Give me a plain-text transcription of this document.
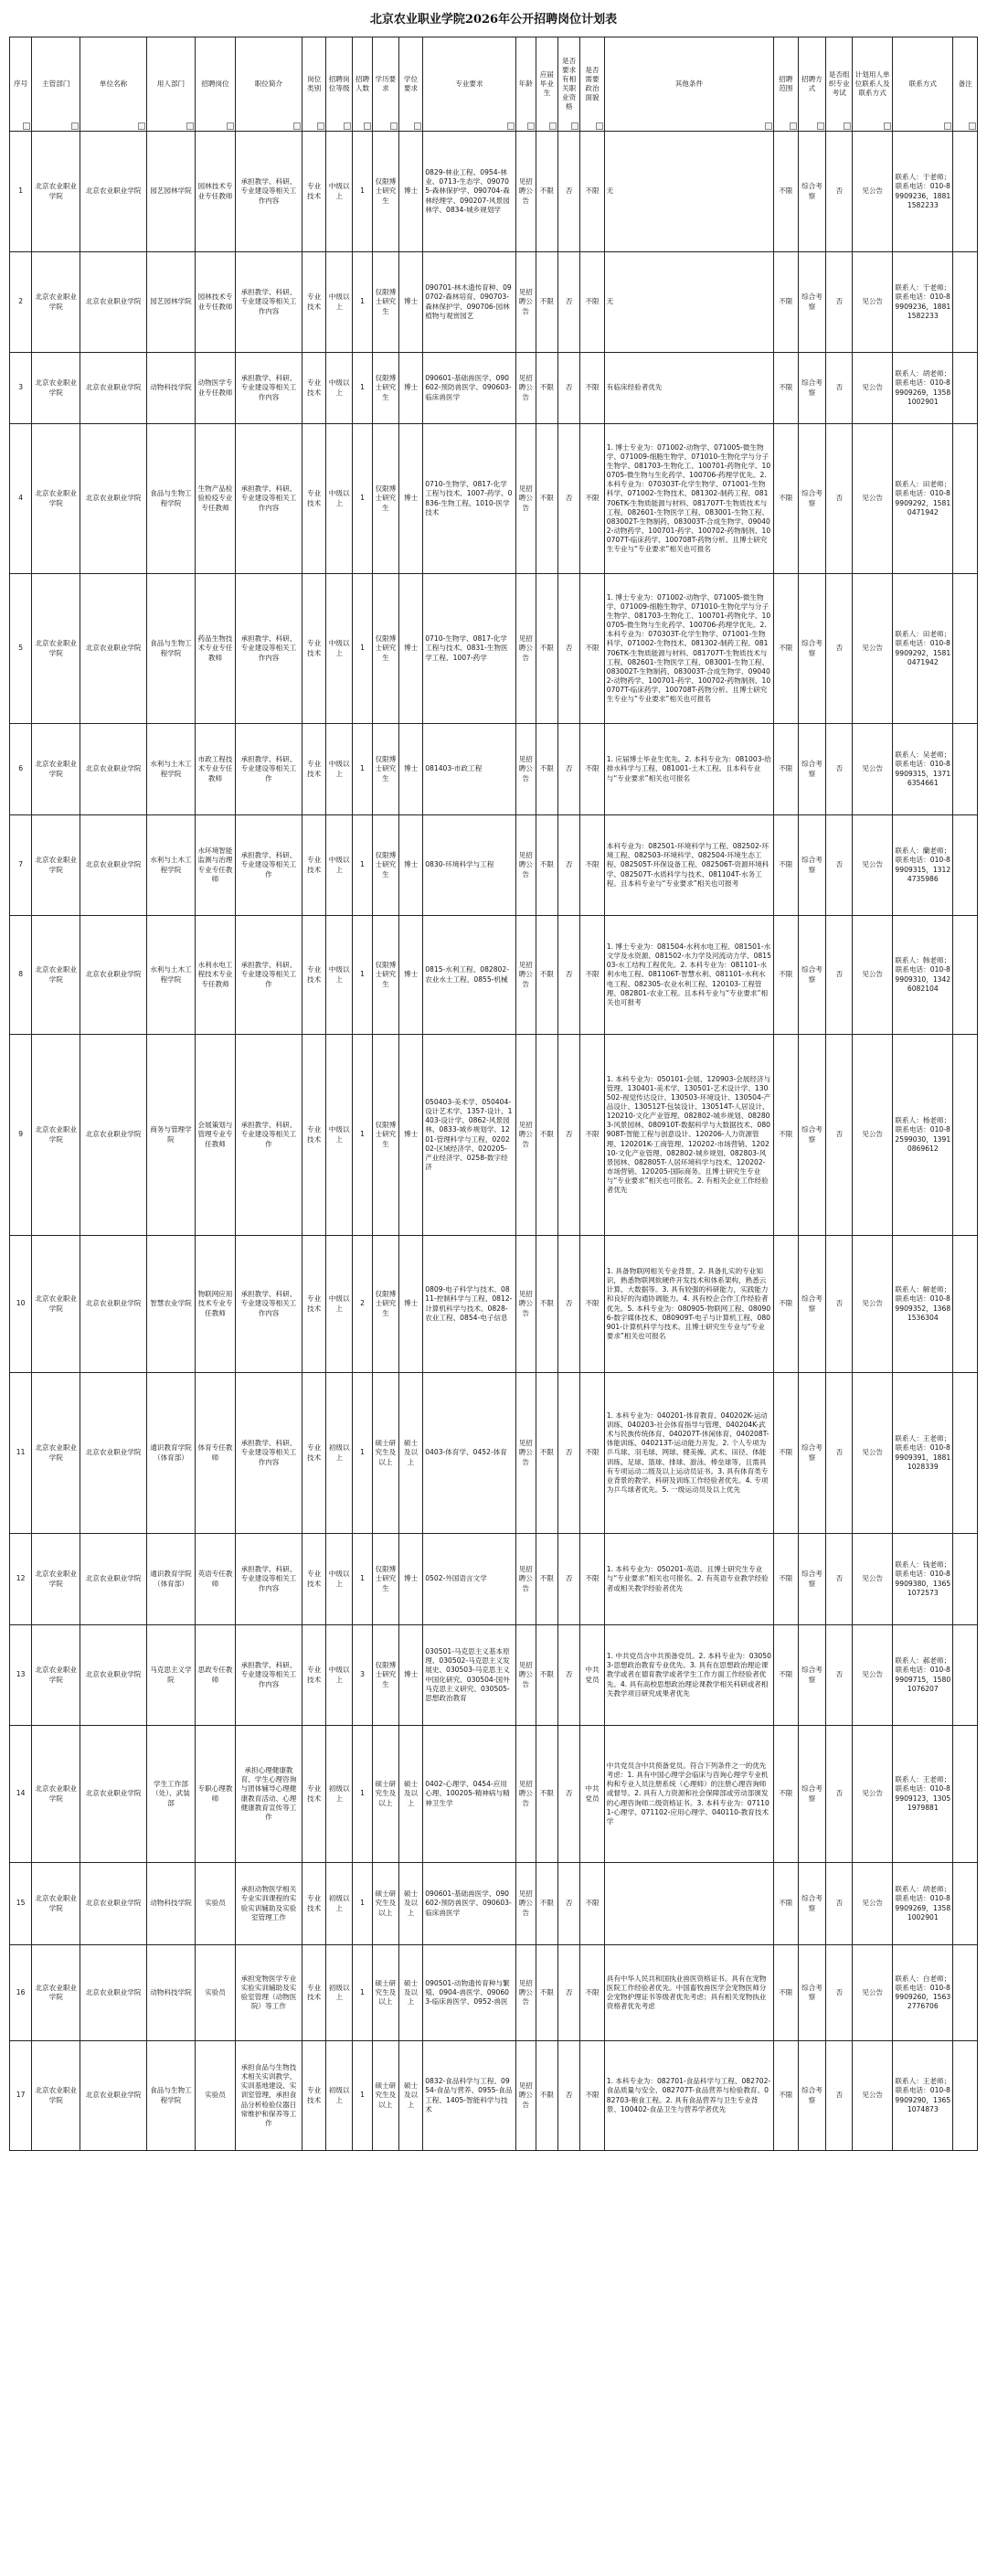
北京农业职业学院2026年公开招聘岗位计划表
序号	主管部门	单位名称	用人部门	招聘岗位	职位简介	岗位类别	招聘岗位等级	招聘人数	学历要求	学位要求	专业要求	年龄	应届毕业生	是否要求有相关职业资格	是否需要政治面貌	其他条件	招聘范围	招聘方式	是否组织专业考试	计划用人单位联系人及联系方式	联系方式	备注
1	北京农业职业学院	北京农业职业学院	园艺园林学院	园林技术专业专任教师	承担教学、科研、专业建设等相关工作内容	专业技术	中级以上	1	仅限博士研究生	博士	0829-林业工程、0954-林业、0713-生态学、090705-森林保护学、090704-森林经理学、090207-风景园林学、0834-城乡规划学	见招聘公告	不限	否	不限	无	不限	综合考察	否	见公告	联系人：于老师；联系电话：010-89909236，18811582233	
2	北京农业职业学院	北京农业职业学院	园艺园林学院	园林技术专业专任教师	承担教学、科研、专业建设等相关工作内容	专业技术	中级以上	1	仅限博士研究生	博士	090701-林木遗传育种、090702-森林培育、090703-森林保护学、090706-园林植物与观赏园艺	见招聘公告	不限	否	不限	无	不限	综合考察	否	见公告	联系人：于老师；联系电话：010-89909236，18811582233	
3	北京农业职业学院	北京农业职业学院	动物科技学院	动物医学专业专任教师	承担教学、科研、专业建设等相关工作内容	专业技术	中级以上	1	仅限博士研究生	博士	090601-基础兽医学、090602-预防兽医学、090603-临床兽医学	见招聘公告	不限	否	不限	有临床经验者优先	不限	综合考察	否	见公告	联系人：胡老师；联系电话：010-89909269，13581002901	
4	北京农业职业学院	北京农业职业学院	食品与生物工程学院	生物产品检验检疫专业专任教师	承担教学、科研、专业建设等相关工作内容	专业技术	中级以上	1	仅限博士研究生	博士	0710-生物学、0817-化学工程与技术、1007-药学、0836-生物工程、1010-医学技术	见招聘公告	不限	否	不限	1. 博士专业为：071002-动物学、071005-微生物学、071009-细胞生物学、071010-生物化学与分子生物学、081703-生物化工、100701-药物化学、100705-微生物与生化药学、100706-药理学优先。2. 本科专业为：070303T-化学生物学、071001-生物科学、071002-生物技术、081302-制药工程、081706TK-生物质能源与材料、081707T-生物质技术与工程、082601-生物医学工程、083001-生物工程、083002T-生物制药、083003T-合成生物学、090402-动物药学、100701-药学、100702-药物制剂、100707T-临床药学、100708T-药物分析。且博士研究生专业与“专业要求”相关也可报名	不限	综合考察	否	见公告	联系人：田老师；联系电话：010-89909292，15810471942	
5	北京农业职业学院	北京农业职业学院	食品与生物工程学院	药品生物技术专业专任教师	承担教学、科研、专业建设等相关工作内容	专业技术	中级以上	1	仅限博士研究生	博士	0710-生物学、0817-化学工程与技术、0831-生物医学工程、1007-药学	见招聘公告	不限	否	不限	1. 博士专业为：071002-动物学、071005-微生物学、071009-细胞生物学、071010-生物化学与分子生物学、081703-生物化工、100701-药物化学、100705-微生物与生化药学、100706-药理学优先。2. 本科专业为：070303T-化学生物学、071001-生物科学、071002-生物技术、081302-制药工程、081706TK-生物质能源与材料、081707T-生物质技术与工程、082601-生物医学工程、083001-生物工程、083002T-生物制药、083003T-合成生物学、090402-动物药学、100701-药学、100702-药物制剂、100707T-临床药学、100708T-药物分析。且博士研究生专业与“专业要求”相关也可报名	不限	综合考察	否	见公告	联系人：田老师；联系电话：010-89909292，15810471942	
6	北京农业职业学院	北京农业职业学院	水利与土木工程学院	市政工程技术专业专任教师	承担教学、科研、专业建设等相关工作	专业技术	中级以上	1	仅限博士研究生	博士	081403-市政工程	见招聘公告	不限	否	不限	1. 应届博士毕业生优先。2. 本科专业为：081003-给排水科学与工程、081001-土木工程。且本科专业与“专业要求”相关也可报名	不限	综合考察	否	见公告	联系人：吴老师；联系电话：010-89909315，13716354661	
7	北京农业职业学院	北京农业职业学院	水利与土木工程学院	水环境智能监测与治理专业专任教师	承担教学、科研、专业建设等相关工作	专业技术	中级以上	1	仅限博士研究生	博士	0830-环境科学与工程	见招聘公告	不限	否	不限	本科专业为：082501-环境科学与工程、082502-环境工程、082503-环境科学、082504-环境生态工程、082505T-环保设备工程、082506T-资源环境科学、082507T-水质科学与技术、081104T-水务工程。且本科专业与“专业要求”相关也可报考	不限	综合考察	否	见公告	联系人：蘭老师；联系电话：010-89909315，13124735986	
8	北京农业职业学院	北京农业职业学院	水利与土木工程学院	水利水电工程技术专业专任教师	承担教学、科研、专业建设等相关工作	专业技术	中级以上	1	仅限博士研究生	博士	0815-水利工程、082802-农业水土工程、0855-机械	见招聘公告	不限	否	不限	1. 博士专业为：081504-水利水电工程、081501-水文学及水资源、081502-水力学及河流动力学、081503-水工结构工程优先。2. 本科专业为：081101-水利水电工程、081106T-智慧水利、081101-水利水电工程、082305-农业水利工程、120103-工程管理、082801-农业工程。且本科专业与“专业要求”相关也可报考	不限	综合考察	否	见公告	联系人：韩老师；联系电话：010-89909310，13426082104	
9	北京农业职业学院	北京农业职业学院	商务与管理学院	会展策划与管理专业专任教师	承担教学、科研、专业建设等相关工作	专业技术	中级以上	1	仅限博士研究生	博士	050403-美术学、050404-设计艺术学、1357-设计、1403-设计学、0862-风景园林、0833-城乡规划学、1201-管理科学与工程、020202-区域经济学、020205-产业经济学、0258-数字经济	见招聘公告	不限	否	不限	1. 本科专业为：050101-会展、120903-会展经济与管理、130401-美术学、130501-艺术设计学、130502-视觉传达设计、130503-环境设计、130504-产品设计、130512T-包装设计、130514T-人居设计、120210-文化产业管理、082802-城乡规划、082803-风景园林、080910T-数据科学与大数据技术、080908T-智能工程与创意设计、120206-人力资源管理、120201K-工商管理、120202-市场营销、120210-文化产业管理、082802-城乡规划、082803-风景园林、082805T-人居环境科学与技术、120202-市场营销、120205-国际商务。且博士研究生专业与“专业要求”相关也可报名。2. 有相关企业工作经验者优先	不限	综合考察	否	见公告	联系人：杨老师；联系电话：010-82599030，13910869612	
10	北京农业职业学院	北京农业职业学院	智慧农业学院	物联网应用技术专业专任教师	承担教学、科研、专业建设等相关工作内容	专业技术	中级以上	2	仅限博士研究生	博士	0809-电子科学与技术、0811-控制科学与工程、0812-计算机科学与技术、0828-农业工程、0854-电子信息	见招聘公告	不限	否	不限	1. 具备物联网相关专业背景。2. 具备扎实的专业知识，熟悉物联网软硬件开发技术和体系架构，熟悉云计算、大数据等。3. 具有较强的科研能力，实践能力和良好的沟通协调能力。4. 具有校企合作工作经验者优先。5. 本科专业为：080905-物联网工程、080906-数字媒体技术、080909T-电子与计算机工程、080901-计算机科学与技术。且博士研究生专业与“专业要求”相关也可报名	不限	综合考察	否	见公告	联系人：解老师；联系电话：010-89909352，13681536304	
11	北京农业职业学院	北京农业职业学院	通识教育学院（体育部）	体育专任教师	承担教学、科研、专业建设等相关工作内容	专业技术	初级以上	1	硕士研究生及以上	硕士及以上	0403-体育学、0452-体育	见招聘公告	不限	否	不限	1. 本科专业为：040201-体育教育、040202K-运动训练、040203-社会体育指导与管理、040204K-武术与民族传统体育、040207T-休闲体育、040208T-体能训练、040213T-运动能力开发。2. 个人专项为乒乓球、羽毛球、网球、健美操、武术、田径、体能训练、足球、篮球、排球、游泳、棒垒球等，且需具有专项运动二级及以上运动员证书。3. 具有体育类专业背景的教学、科研及训练工作经验者优先。4. 专项为乒乓球者优先。5. 一级运动员及以上优先	不限	综合考察	否	见公告	联系人：王老师；联系电话：010-89909391，18811028339	
12	北京农业职业学院	北京农业职业学院	通识教育学院（体育部）	英语专任教师	承担教学、科研、专业建设等相关工作内容	专业技术	中级以上	1	仅限博士研究生	博士	0502-外国语言文学	见招聘公告	不限	否	不限	1. 本科专业为：050201-英语。且博士研究生专业与“专业要求”相关也可报名。2. 有英语专业教学经验者或相关教学经验者优先	不限	综合考察	否	见公告	联系人：钱老师；联系电话：010-89909380，13651072573	
13	北京农业职业学院	北京农业职业学院	马克思主义学院	思政专任教师	承担教学、科研、专业建设等相关工作内容	专业技术	中级以上	3	仅限博士研究生	博士	030501-马克思主义基本原理、030502-马克思主义发展史、030503-马克思主义中国化研究、030504-国外马克思主义研究、030505-思想政治教育	见招聘公告	不限	否	中共党员	1. 中共党员含中共预备党员。2. 本科专业为：030503-思想政治教育专业优先。3. 具有在思想政治理论课教学或者在德育教学或者学生工作方面工作经验者优先。4. 具有高校思想政治理论课教学相关科研或者相关教学项目研究成果者优先	不限	综合考察	否	见公告	联系人：郝老师；联系电话：010-89909715，15801076207	
14	北京农业职业学院	北京农业职业学院	学生工作部（处）、武装部	专职心理教师	承担心理健康教育、学生心理咨询与团体辅导心理健康教育活动、心理健康教育宣传等工作	专业技术	初级以上	1	硕士研究生及以上	硕士及以上	0402-心理学、0454-应用心理、100205-精神病与精神卫生学	见招聘公告	不限	否	中共党员	中共党员含中共预备党员。符合下列条件之一的优先考虑：1. 具有中国心理学会临床与咨询心理学专业机构和专业人员注册系统（心理师）的注册心理咨询师或督导。2. 具有人力资源和社会保障部或劳动部颁发的心理咨询师二级资格证书。3. 本科专业为：071101-心理学、071102-应用心理学、040110-教育技术学	不限	综合考察	否	见公告	联系人：王老师；联系电话：010-89909123，13051979881	
15	北京农业职业学院	北京农业职业学院	动物科技学院	实验员	承担动物医学相关专业实训课程的实验实训辅助及实验室管理工作	专业技术	初级以上	1	硕士研究生及以上	硕士及以上	090601-基础兽医学、090602-预防兽医学、090603-临床兽医学	见招聘公告	不限	否	不限		不限	综合考察	否	见公告	联系人：胡老师；联系电话：010-89909269，13581002901	
16	北京农业职业学院	北京农业职业学院	动物科技学院	实验员	承担宠物医学专业实验实训辅助及实验室管理（动物医院）等工作	专业技术	初级以上	1	硕士研究生及以上	硕士及以上	090501-动物遗传育种与繁殖、0904-兽医学、090603-临床兽医学、0952-兽医	见招聘公告	不限	否	不限	具有中华人民共和国执业兽医资格证书。具有在宠物医院工作经验者优先。中国畜牧兽医学会宠物医师分会宠物护理证书等级者优先考虑；具有相关宠物执业资格者优先考虑	不限	综合考察	否	见公告	联系人：白老师；联系电话：010-89909260，15632776706	
17	北京农业职业学院	北京农业职业学院	食品与生物工程学院	实验员	承担食品与生物技术相关实训教学、实训基地建设、实训室管理，承担食品分析检验仪器日常维护和保养等工作	专业技术	初级以上	1	硕士研究生及以上	硕士及以上	0832-食品科学与工程、0954-食品与营养、0955-食品工程、1405-智能科学与技术	见招聘公告	不限	否	不限	1. 本科专业为：082701-食品科学与工程、082702-食品质量与安全、082707T-食品营养与检验教育、082703-粮食工程。2. 具有食品营养与卫生专业背景、100402-食品卫生与营养学者优先	不限	综合考察	否	见公告	联系人：王老师；联系电话：010-89909290，13651074873	
